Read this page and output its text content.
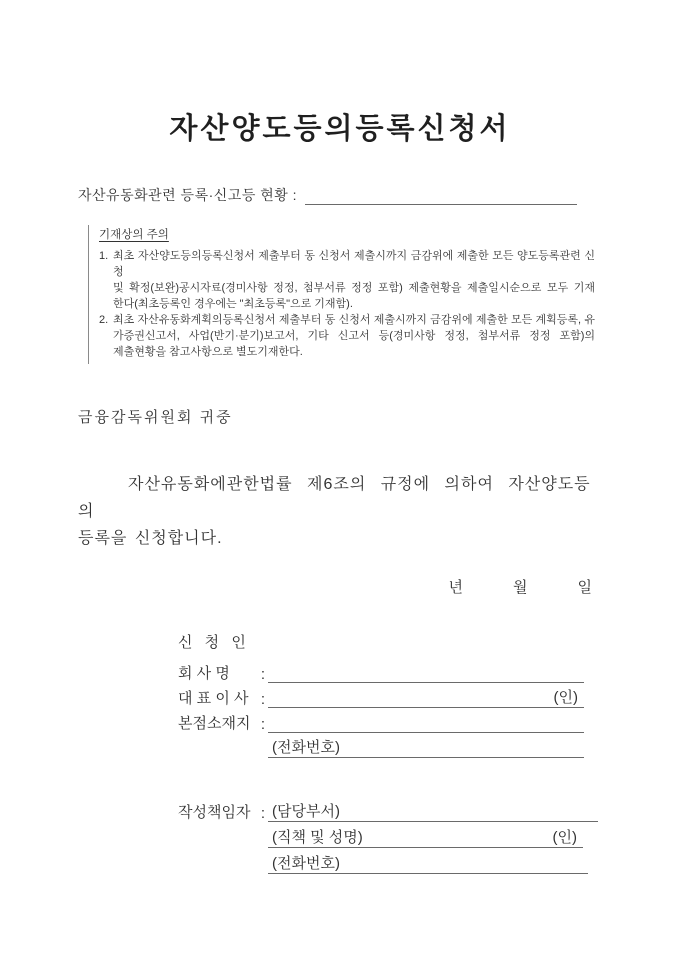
자산양도등의등록신청서
자산유동화관련 등록·신고등 현황 :
기재상의 주의
1. 최초 자산양도등의등록신청서 제출부터 동 신청서 제출시까지 금감위에 제출한 모든 양도등록관련 신청
및 확정(보완)공시자료(경미사항 정정, 첨부서류 정정 포함) 제출현황을 제출일시순으로 모두 기재
한다(최초등록인 경우에는 "최초등록"으로 기재함).
2. 최초 자산유동화계획의등록신청서 제출부터 동 신청서 제출시까지 금감위에 제출한 모든 계획등록, 유
가증권신고서, 사업(반기·분기)보고서, 기타 신고서 등(경미사항 정정, 첨부서류 정정 포함)의
제출현황을 참고사항으로 별도기재한다.
금융감독위원회 귀중
자산유동화에관한법률 제6조의 규정에 의하여 자산양도등의
등록을 신청합니다.
년	월	일
신 청 인
회 사 명	:
대 표 이 사 :	(인)
본점소재지 :
(전화번호)
작성책임자 : (담당부서)
(직책 및 성명)	(인)
(전화번호)
